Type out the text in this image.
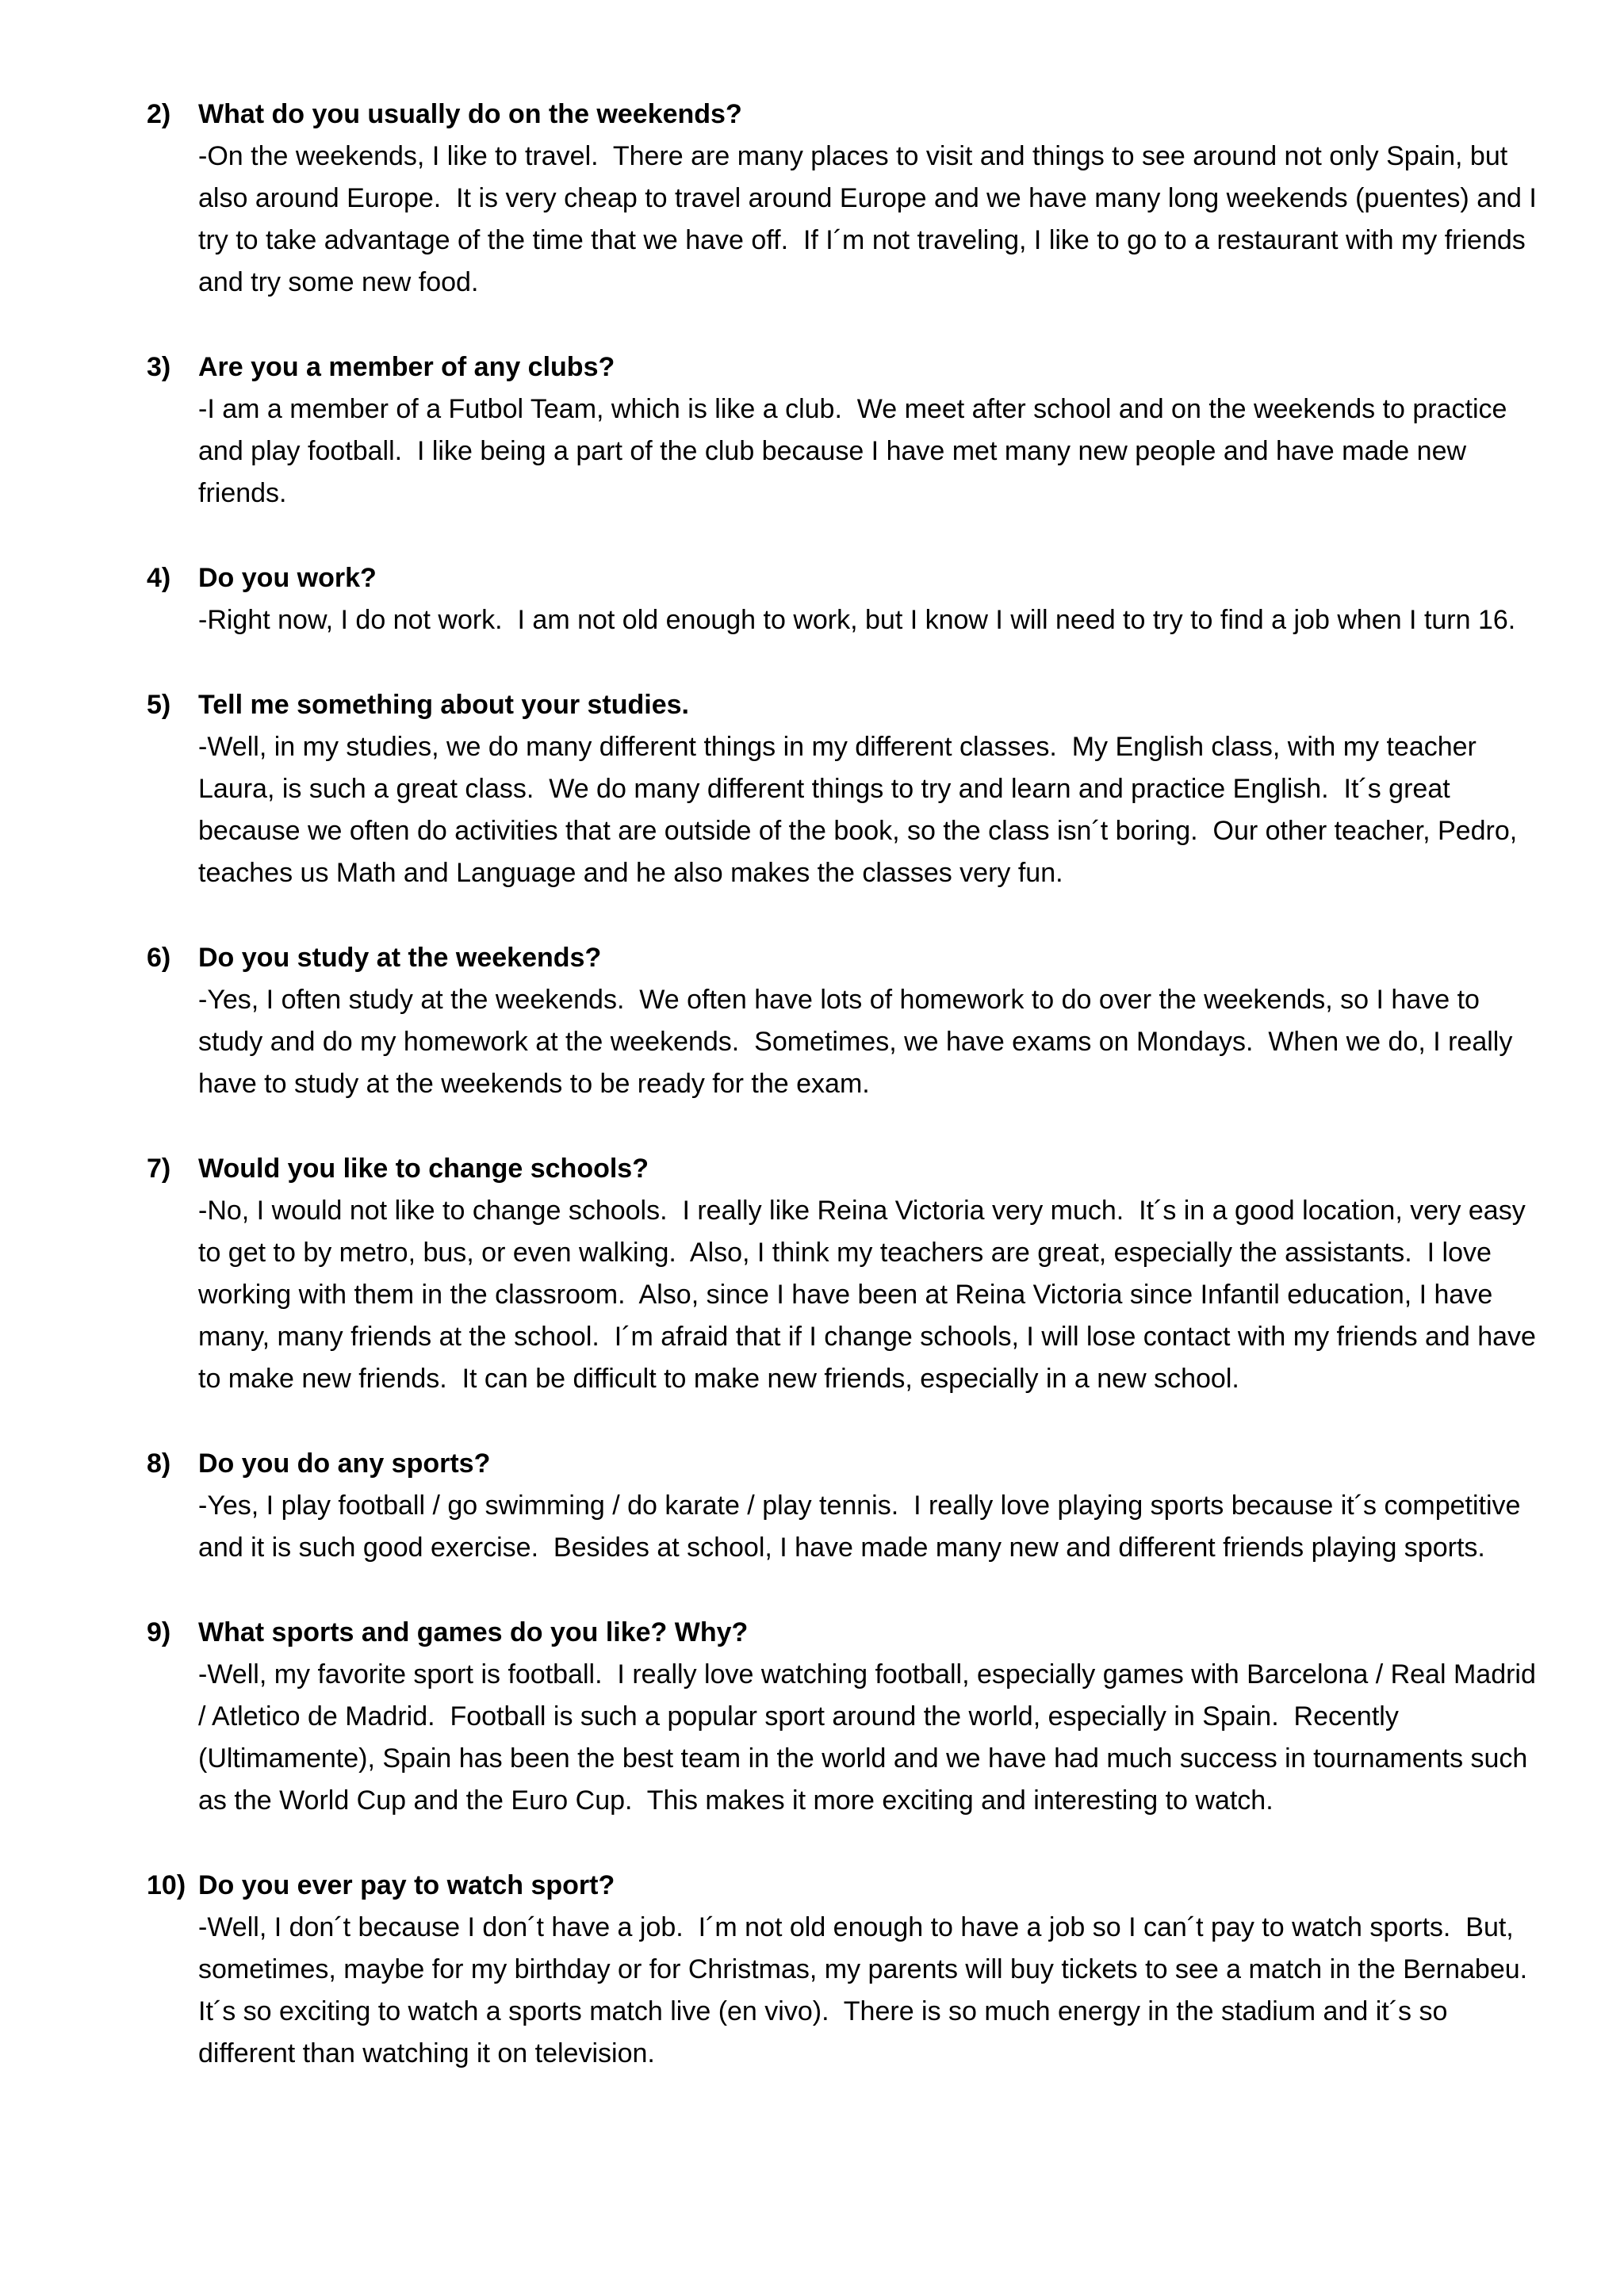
2) What do you usually do on the weekends?

-On the weekends, I like to travel.  There are many places to visit and things to see around not only Spain, but also around Europe.  It is very cheap to travel around Europe and we have many long weekends (puentes) and I try to take advantage of the time that we have off.  If I´m not traveling, I like to go to a restaurant with my friends and try some new food.

3) Are you a member of any clubs?

-I am a member of a Futbol Team, which is like a club.  We meet after school and on the weekends to practice and play football.  I like being a part of the club because I have met many new people and have made new friends.

4) Do you work?

-Right now, I do not work.  I am not old enough to work, but I know I will need to try to find a job when I turn 16.

5) Tell me something about your studies.

-Well, in my studies, we do many different things in my different classes.  My English class, with my teacher Laura, is such a great class.  We do many different things to try and learn and practice English.  It´s great because we often do activities that are outside of the book, so the class isn´t boring.  Our other teacher, Pedro, teaches us Math and Language and he also makes the classes very fun.

6) Do you study at the weekends?

-Yes, I often study at the weekends.  We often have lots of homework to do over the weekends, so I have to study and do my homework at the weekends.  Sometimes, we have exams on Mondays.  When we do, I really have to study at the weekends to be ready for the exam.

7) Would you like to change schools?

-No, I would not like to change schools.  I really like Reina Victoria very much.  It´s in a good location, very easy to get to by metro, bus, or even walking.  Also, I think my teachers are great, especially the assistants.  I love working with them in the classroom.  Also, since I have been at Reina Victoria since Infantil education, I have many, many friends at the school.  I´m afraid that if I change schools, I will lose contact with my friends and have to make new friends.  It can be difficult to make new friends, especially in a new school.

8) Do you do any sports?

-Yes, I play football / go swimming / do karate / play tennis.  I really love playing sports because it´s competitive and it is such good exercise.  Besides at school, I have made many new and different friends playing sports.

9) What sports and games do you like? Why?

-Well, my favorite sport is football.  I really love watching football, especially games with Barcelona / Real Madrid / Atletico de Madrid.  Football is such a popular sport around the world, especially in Spain.  Recently (Ultimamente), Spain has been the best team in the world and we have had much success in tournaments such as the World Cup and the Euro Cup.  This makes it more exciting and interesting to watch.

10) Do you ever pay to watch sport?

-Well, I don´t because I don´t have a job.  I´m not old enough to have a job so I can´t pay to watch sports.  But, sometimes, maybe for my birthday or for Christmas, my parents will buy tickets to see a match in the Bernabeu.  It´s so exciting to watch a sports match live (en vivo).  There is so much energy in the stadium and it´s so different than watching it on television.
